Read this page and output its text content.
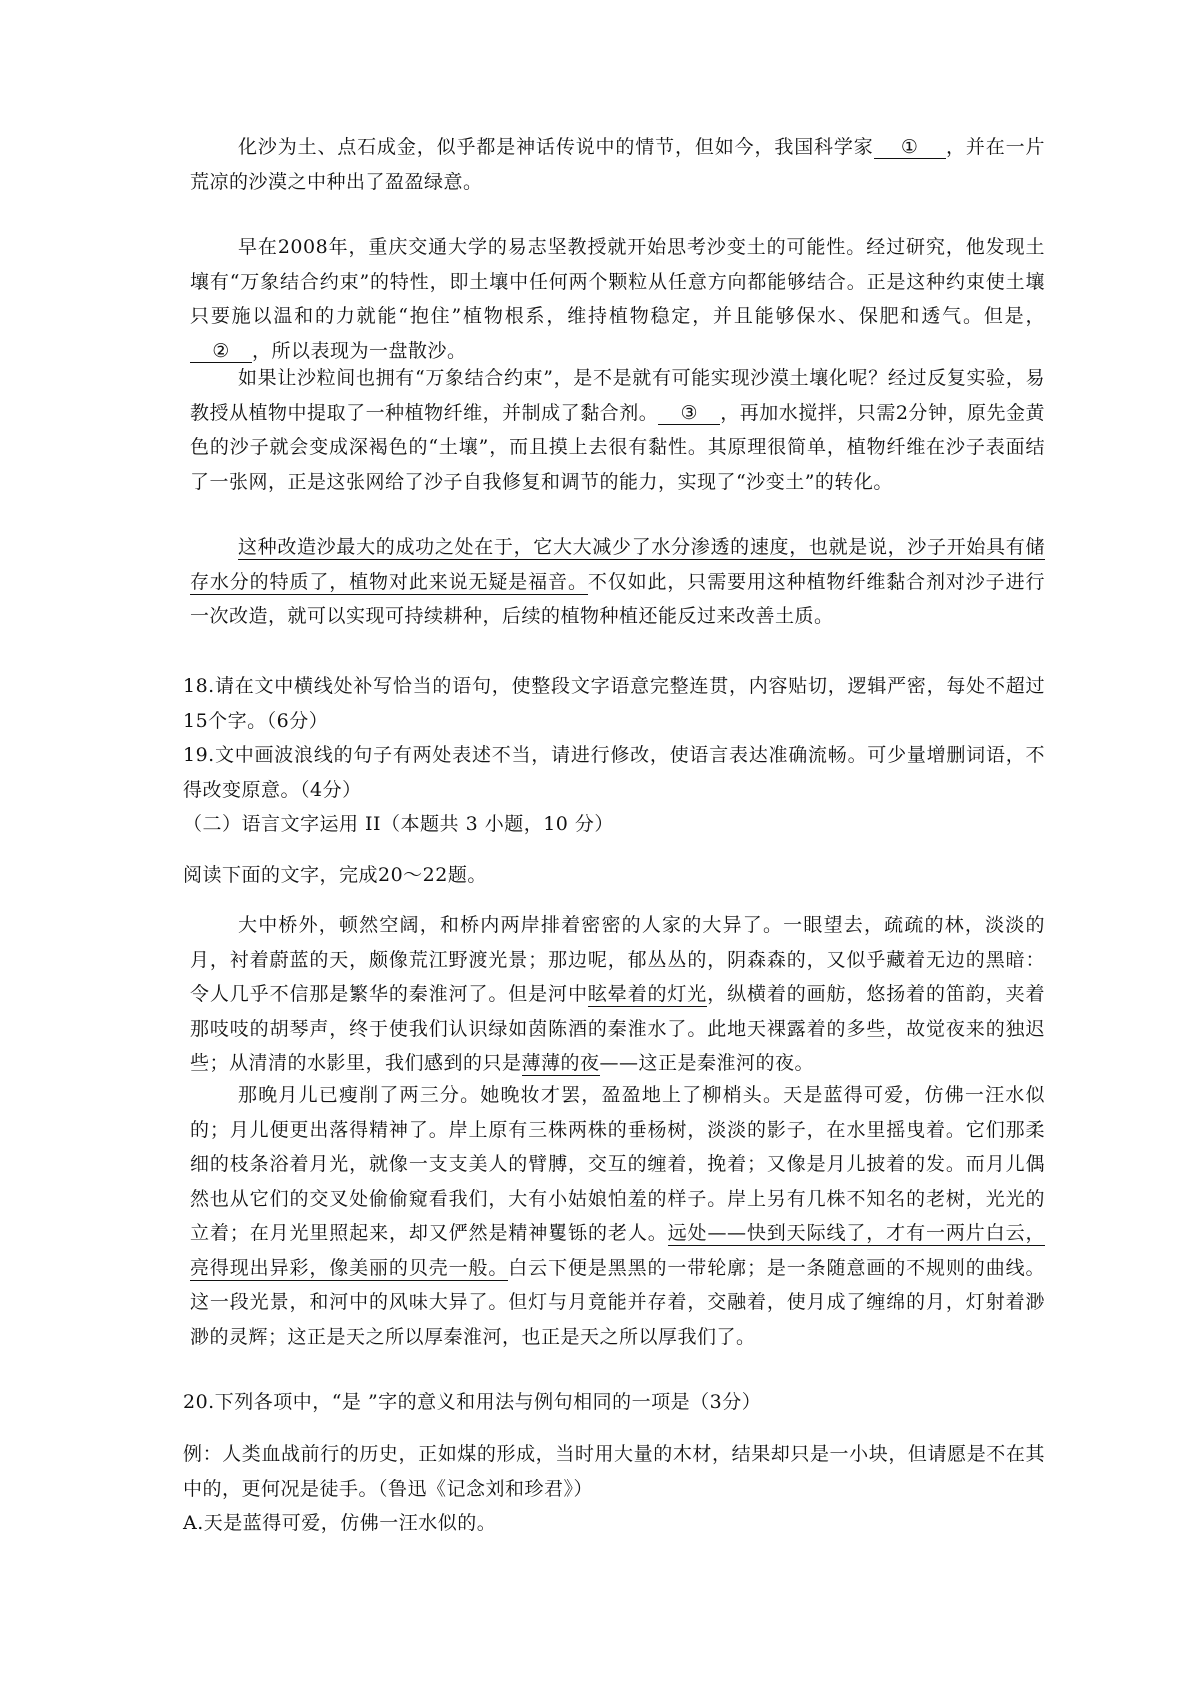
化沙为土、点石成金，似乎都是神话传说中的情节，但如今，我国科学家 ① ，并在一片荒凉的沙漠之中种出了盈盈绿意。

早在2008年，重庆交通大学的易志坚教授就开始思考沙变土的可能性。经过研究，他发现土壤有“万象结合约束”的特性，即土壤中任何两个颗粒从任意方向都能够结合。正是这种约束使土壤只要施以温和的力就能“抱住”植物根系，维持植物稳定，并且能够保水、保肥和透气。但是，② ，所以表现为一盘散沙。

如果让沙粒间也拥有“万象结合约束”，是不是就有可能实现沙漠土壤化呢？经过反复实验，易教授从植物中提取了一种植物纤维，并制成了黏合剂。 ③ ，再加水搅拌，只需2分钟，原先金黄色的沙子就会变成深褐色的“土壤”，而且摸上去很有黏性。其原理很简单，植物纤维在沙子表面结了一张网，正是这张网给了沙子自我修复和调节的能力，实现了“沙变土”的转化。

这种改造沙最大的成功之处在于，它大大减少了水分渗透的速度，也就是说，沙子开始具有储存水分的特质了，植物对此来说无疑是福音。不仅如此，只需要用这种植物纤维黏合剂对沙子进行一次改造，就可以实现可持续耕种，后续的植物种植还能反过来改善土质。

18.请在文中横线处补写恰当的语句，使整段文字语意完整连贯，内容贴切，逻辑严密，每处不超过15个字。（6分）

19.文中画波浪线的句子有两处表述不当，请进行修改，使语言表达准确流畅。可少量增删词语，不得改变原意。（4分）

（二）语言文字运用 II（本题共 3 小题，10 分）

阅读下面的文字，完成20～22题。

大中桥外，顿然空阔，和桥内两岸排着密密的人家的大异了。一眼望去，疏疏的林，淡淡的月，衬着蔚蓝的天，颇像荒江野渡光景；那边呢，郁丛丛的，阴森森的，又似乎藏着无边的黑暗：令人几乎不信那是繁华的秦淮河了。但是河中眩晕着的灯光，纵横着的画舫，悠扬着的笛韵，夹着那吱吱的胡琴声，终于使我们认识绿如茵陈酒的秦淮水了。此地天裸露着的多些，故觉夜来的独迟些；从清清的水影里，我们感到的只是薄薄的夜——这正是秦淮河的夜。

那晚月儿已瘦削了两三分。她晚妆才罢，盈盈地上了柳梢头。天是蓝得可爱，仿佛一汪水似的；月儿便更出落得精神了。岸上原有三株两株的垂杨树，淡淡的影子，在水里摇曳着。它们那柔细的枝条浴着月光，就像一支支美人的臂膊，交互的缠着，挽着；又像是月儿披着的发。而月儿偶然也从它们的交叉处偷偷窥看我们，大有小姑娘怕羞的样子。岸上另有几株不知名的老树，光光的立着；在月光里照起来，却又俨然是精神矍铄的老人。远处——快到天际线了，才有一两片白云，亮得现出异彩，像美丽的贝壳一般。白云下便是黑黑的一带轮廓；是一条随意画的不规则的曲线。这一段光景，和河中的风味大异了。但灯与月竟能并存着，交融着，使月成了缠绵的月，灯射着渺渺的灵辉；这正是天之所以厚秦淮河，也正是天之所以厚我们了。

20.下列各项中，“是 ”字的意义和用法与例句相同的一项是（3分）

例：人类血战前行的历史，正如煤的形成，当时用大量的木材，结果却只是一小块，但请愿是不在其中的，更何况是徒手。（鲁迅《记念刘和珍君》）

A.天是蓝得可爱，仿佛一汪水似的。
